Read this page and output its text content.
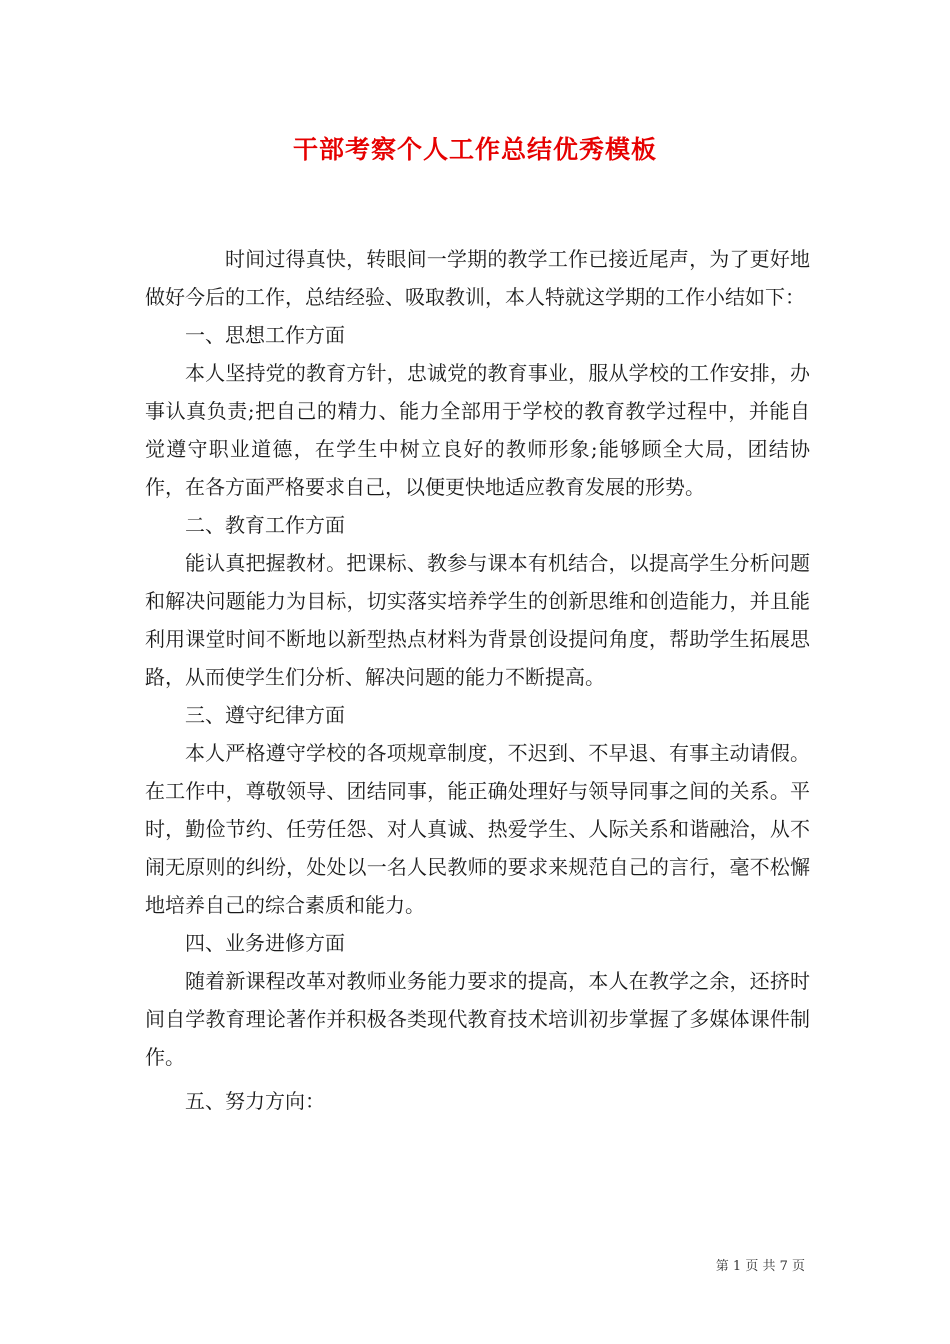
干部考察个人工作总结优秀模板

时间过得真快，转眼间一学期的教学工作已接近尾声，为了更好地做好今后的工作，总结经验、吸取教训，本人特就这学期的工作小结如下：

一、思想工作方面

本人坚持党的教育方针，忠诚党的教育事业，服从学校的工作安排，办事认真负责;把自己的精力、能力全部用于学校的教育教学过程中，并能自觉遵守职业道德，在学生中树立良好的教师形象;能够顾全大局，团结协作，在各方面严格要求自己，以便更快地适应教育发展的形势。

二、教育工作方面

能认真把握教材。把课标、教参与课本有机结合，以提高学生分析问题和解决问题能力为目标，切实落实培养学生的创新思维和创造能力，并且能利用课堂时间不断地以新型热点材料为背景创设提问角度，帮助学生拓展思路，从而使学生们分析、解决问题的能力不断提高。

三、遵守纪律方面

本人严格遵守学校的各项规章制度，不迟到、不早退、有事主动请假。在工作中，尊敬领导、团结同事，能正确处理好与领导同事之间的关系。平时，勤俭节约、任劳任怨、对人真诚、热爱学生、人际关系和谐融洽，从不闹无原则的纠纷，处处以一名人民教师的要求来规范自己的言行，毫不松懈地培养自己的综合素质和能力。

四、业务进修方面

随着新课程改革对教师业务能力要求的提高，本人在教学之余，还挤时间自学教育理论著作并积极各类现代教育技术培训初步掌握了多媒体课件制作。

五、努力方向：

第 1 页 共 7 页
